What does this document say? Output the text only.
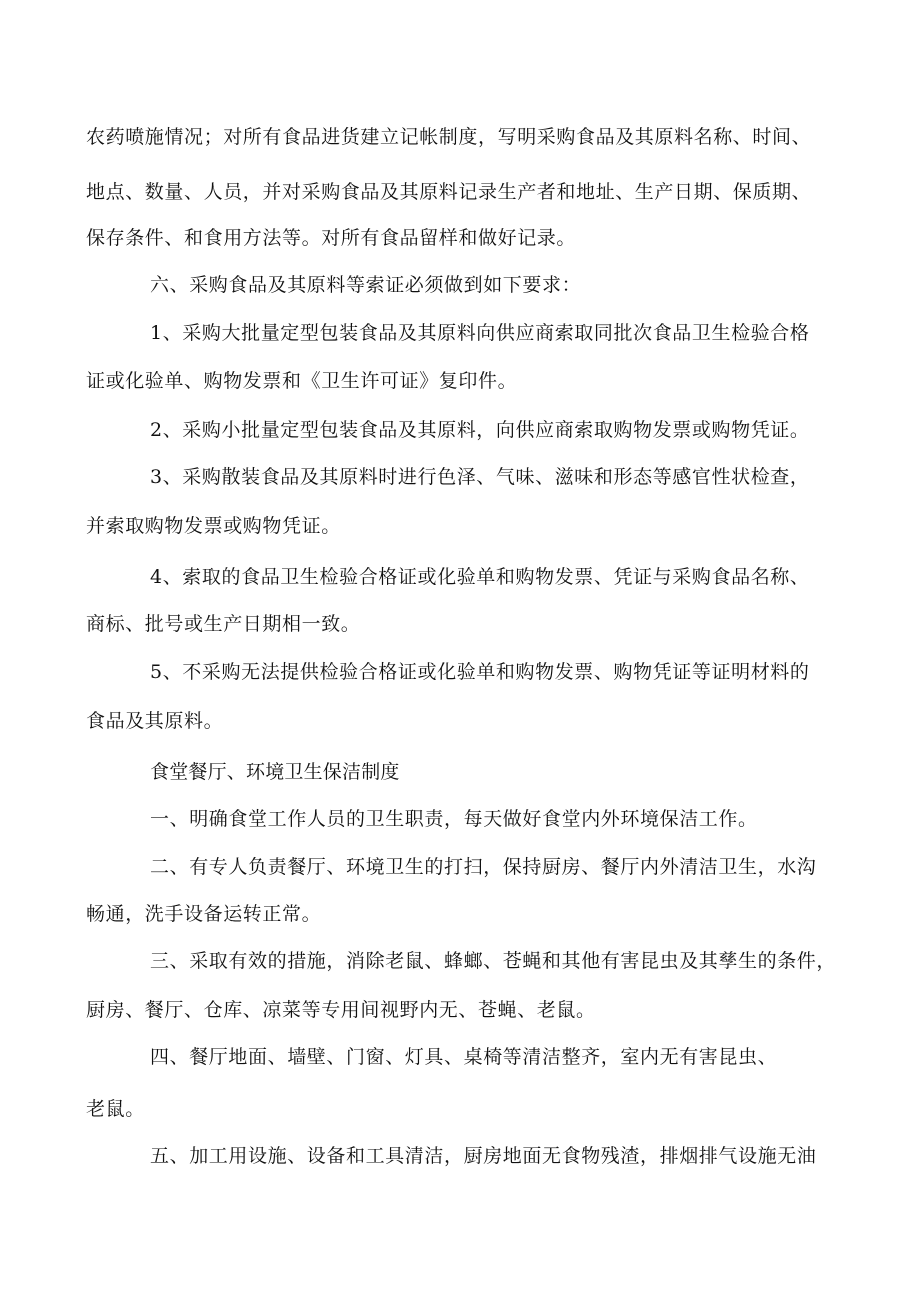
农药喷施情况；对所有食品进货建立记帐制度，写明采购食品及其原料名称、时间、
地点、数量、人员，并对采购食品及其原料记录生产者和地址、生产日期、保质期、
保存条件、和食用方法等。对所有食品留样和做好记录。
六、采购食品及其原料等索证必须做到如下要求：
1、采购大批量定型包装食品及其原料向供应商索取同批次食品卫生检验合格
证或化验单、购物发票和《卫生许可证》复印件。
2、采购小批量定型包装食品及其原料，向供应商索取购物发票或购物凭证。
3、采购散装食品及其原料时进行色泽、气味、滋味和形态等感官性状检查，
并索取购物发票或购物凭证。
4、索取的食品卫生检验合格证或化验单和购物发票、凭证与采购食品名称、
商标、批号或生产日期相一致。
5、不采购无法提供检验合格证或化验单和购物发票、购物凭证等证明材料的
食品及其原料。
食堂餐厅、环境卫生保洁制度
一、明确食堂工作人员的卫生职责，每天做好食堂内外环境保洁工作。
二、有专人负责餐厅、环境卫生的打扫，保持厨房、餐厅内外清洁卫生，水沟
畅通，洗手设备运转正常。
三、采取有效的措施，消除老鼠、蜂螂、苍蝇和其他有害昆虫及其孳生的条件，
厨房、餐厅、仓库、凉菜等专用间视野内无、苍蝇、老鼠。
四、餐厅地面、墙壁、门窗、灯具、桌椅等清洁整齐，室内无有害昆虫、
老鼠。
五、加工用设施、设备和工具清洁，厨房地面无食物残渣，排烟排气设施无油
